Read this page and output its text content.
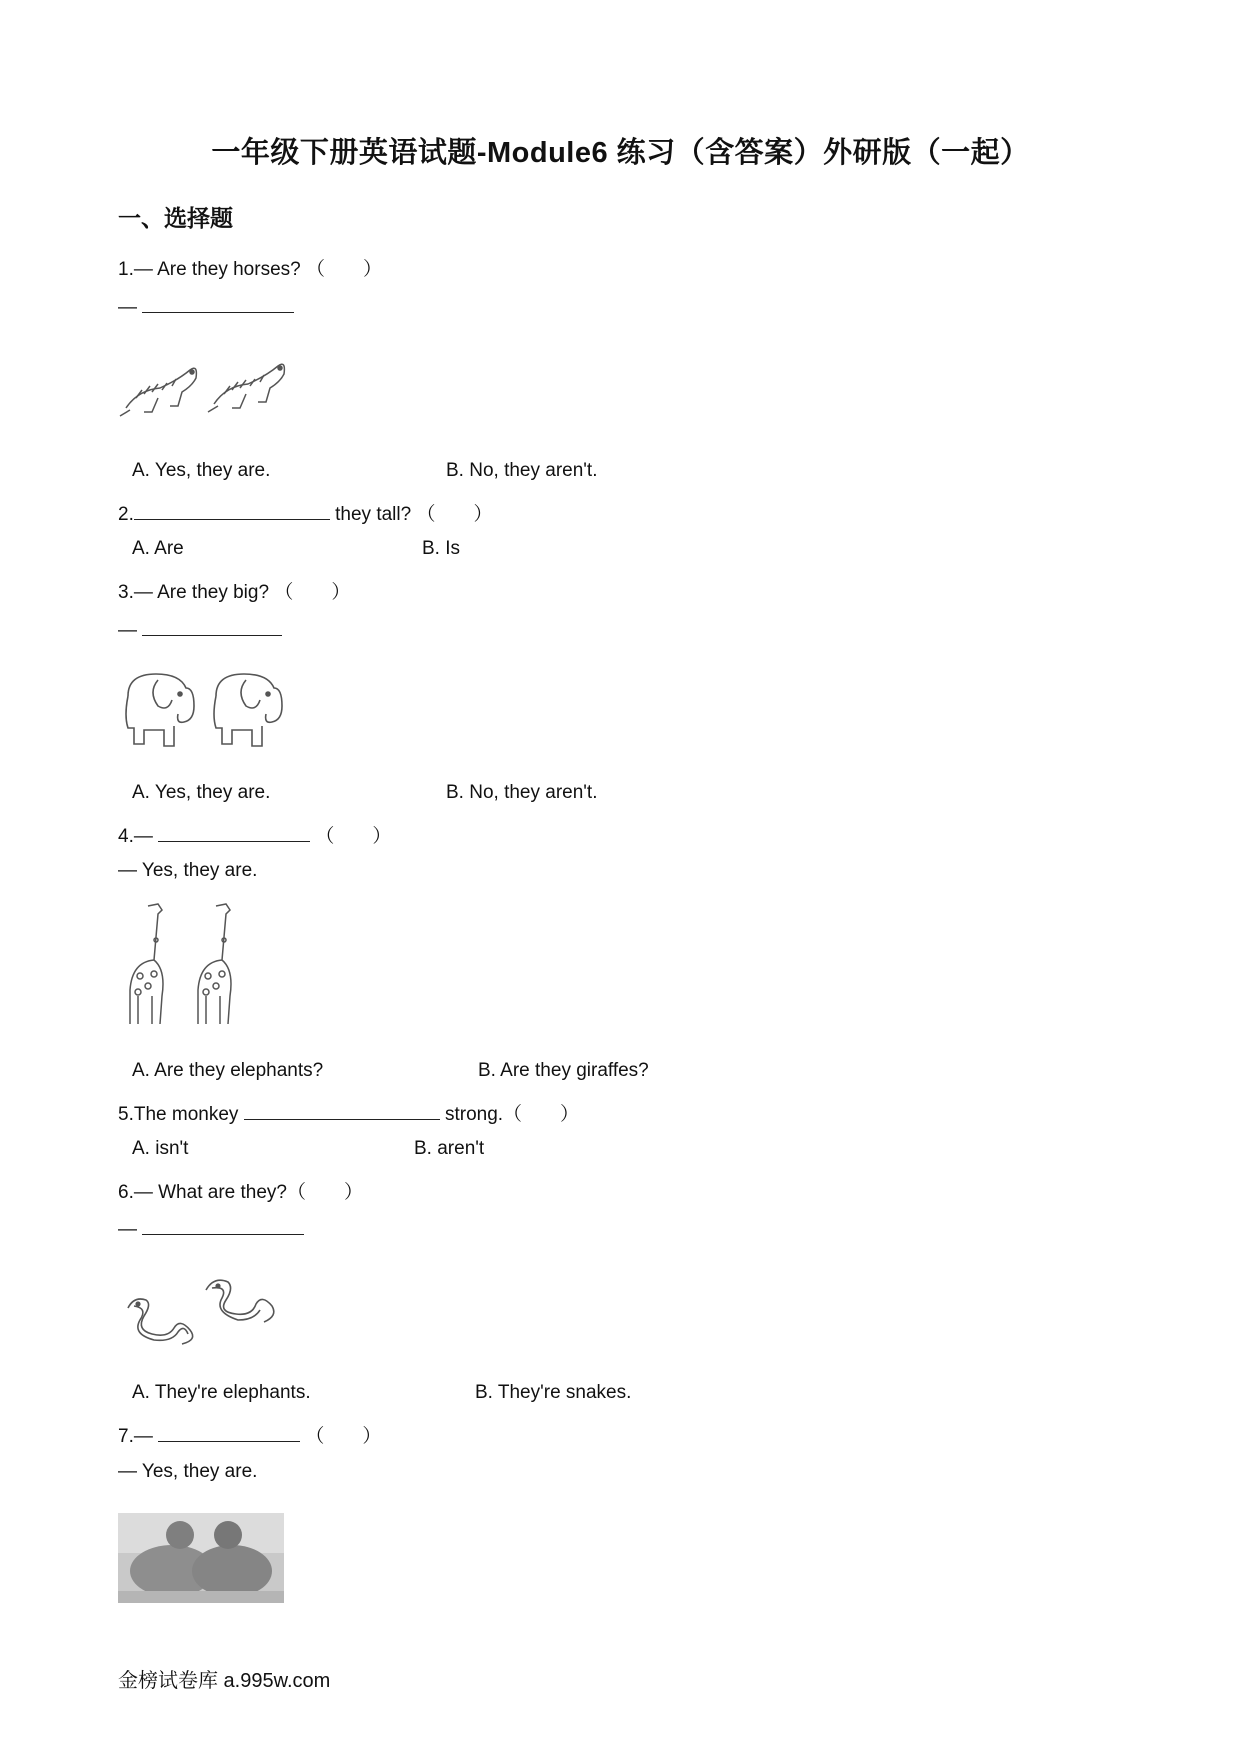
一年级下册英语试题-Module6 练习（含答案）外研版（一起）
一、选择题
1.— Are they horses? （　　）
—
A. Yes, they are.	B. No, they aren't.
2.	they tall? （　　）
A. Are	B. Is
3.— Are they big? （　　）
—
A. Yes, they are.	B. No, they aren't.
4.—	（　　）
— Yes, they are.
A. Are they elephants?	B. Are they giraffes?
5.The monkey	strong.（　　）
A. isn't	B. aren't
6.— What are they?（　　）
—
A. They're elephants.	B. They're snakes.
7.—	（　　）
— Yes, they are.
金榜试卷库 a.995w.com
